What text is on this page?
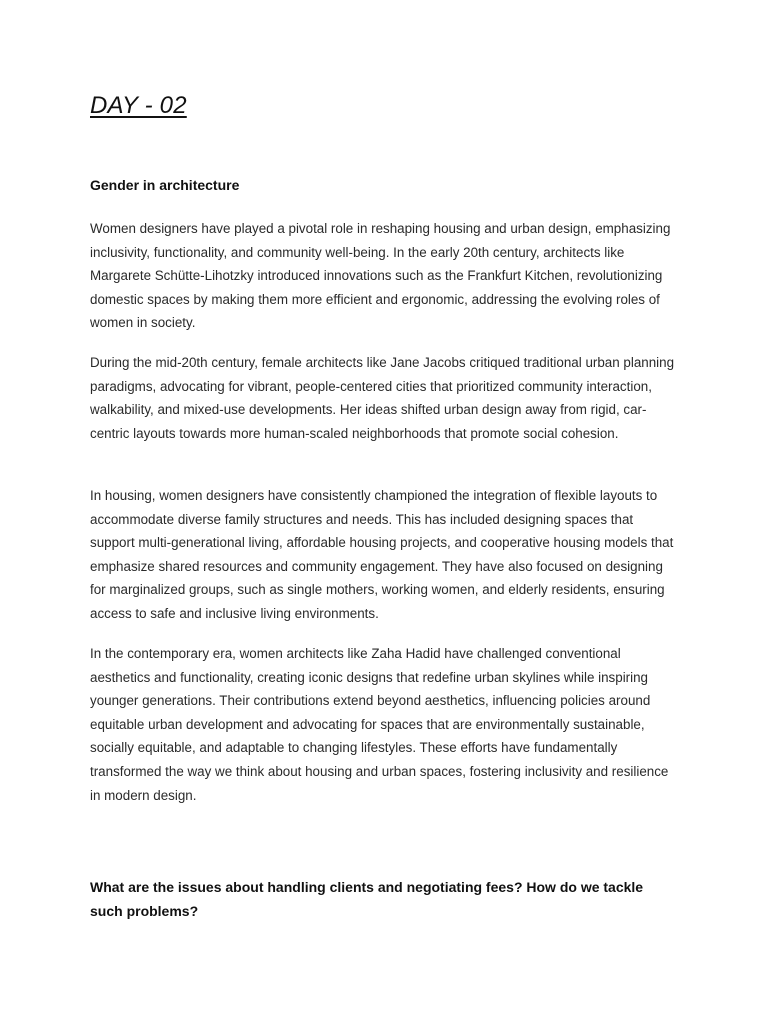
DAY - 02
Gender in architecture

Women designers have played a pivotal role in reshaping housing and urban design, emphasizing inclusivity, functionality, and community well-being. In the early 20th century, architects like Margarete Schütte-Lihotzky introduced innovations such as the Frankfurt Kitchen, revolutionizing domestic spaces by making them more efficient and ergonomic, addressing the evolving roles of women in society.

During the mid-20th century, female architects like Jane Jacobs critiqued traditional urban planning paradigms, advocating for vibrant, people-centered cities that prioritized community interaction, walkability, and mixed-use developments. Her ideas shifted urban design away from rigid, car-centric layouts towards more human-scaled neighborhoods that promote social cohesion.

In housing, women designers have consistently championed the integration of flexible layouts to accommodate diverse family structures and needs. This has included designing spaces that support multi-generational living, affordable housing projects, and cooperative housing models that emphasize shared resources and community engagement. They have also focused on designing for marginalized groups, such as single mothers, working women, and elderly residents, ensuring access to safe and inclusive living environments.

In the contemporary era, women architects like Zaha Hadid have challenged conventional aesthetics and functionality, creating iconic designs that redefine urban skylines while inspiring younger generations. Their contributions extend beyond aesthetics, influencing policies around equitable urban development and advocating for spaces that are environmentally sustainable, socially equitable, and adaptable to changing lifestyles. These efforts have fundamentally transformed the way we think about housing and urban spaces, fostering inclusivity and resilience in modern design.

What are the issues about handling clients and negotiating fees? How do we tackle such problems?
